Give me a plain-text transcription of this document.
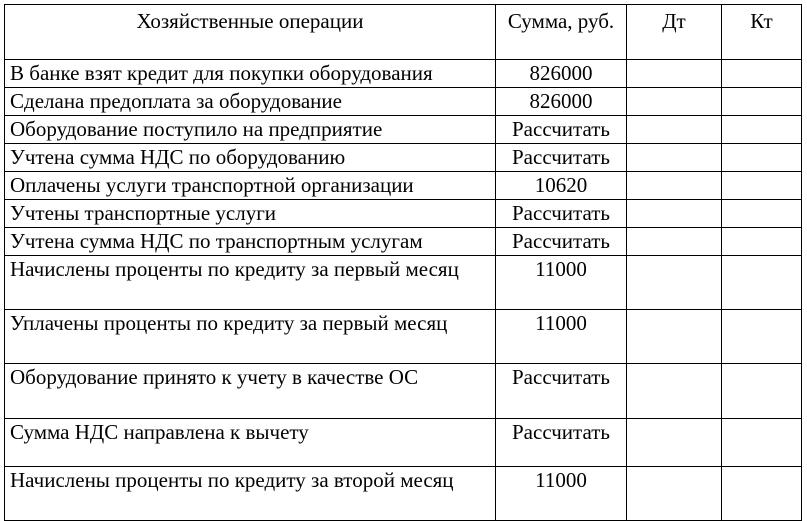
Хозяйственные операции	Сумма, руб.	Дт	Кт
В банке взят кредит для покупки оборудования	826000		
Сделана предоплата за оборудование	826000		
Оборудование поступило на предприятие	Рассчитать		
Учтена сумма НДС по оборудованию	Рассчитать		
Оплачены услуги транспортной организации	10620		
Учтены транспортные услуги	Рассчитать		
Учтена сумма НДС по транспортным услугам	Рассчитать		
Начислены проценты по кредиту за первый месяц	11000		
Уплачены проценты по кредиту за первый месяц	11000		
Оборудование принято к учету в качестве ОС	Рассчитать		
Сумма НДС направлена к вычету	Рассчитать		
Начислены проценты по кредиту за второй месяц	11000		
